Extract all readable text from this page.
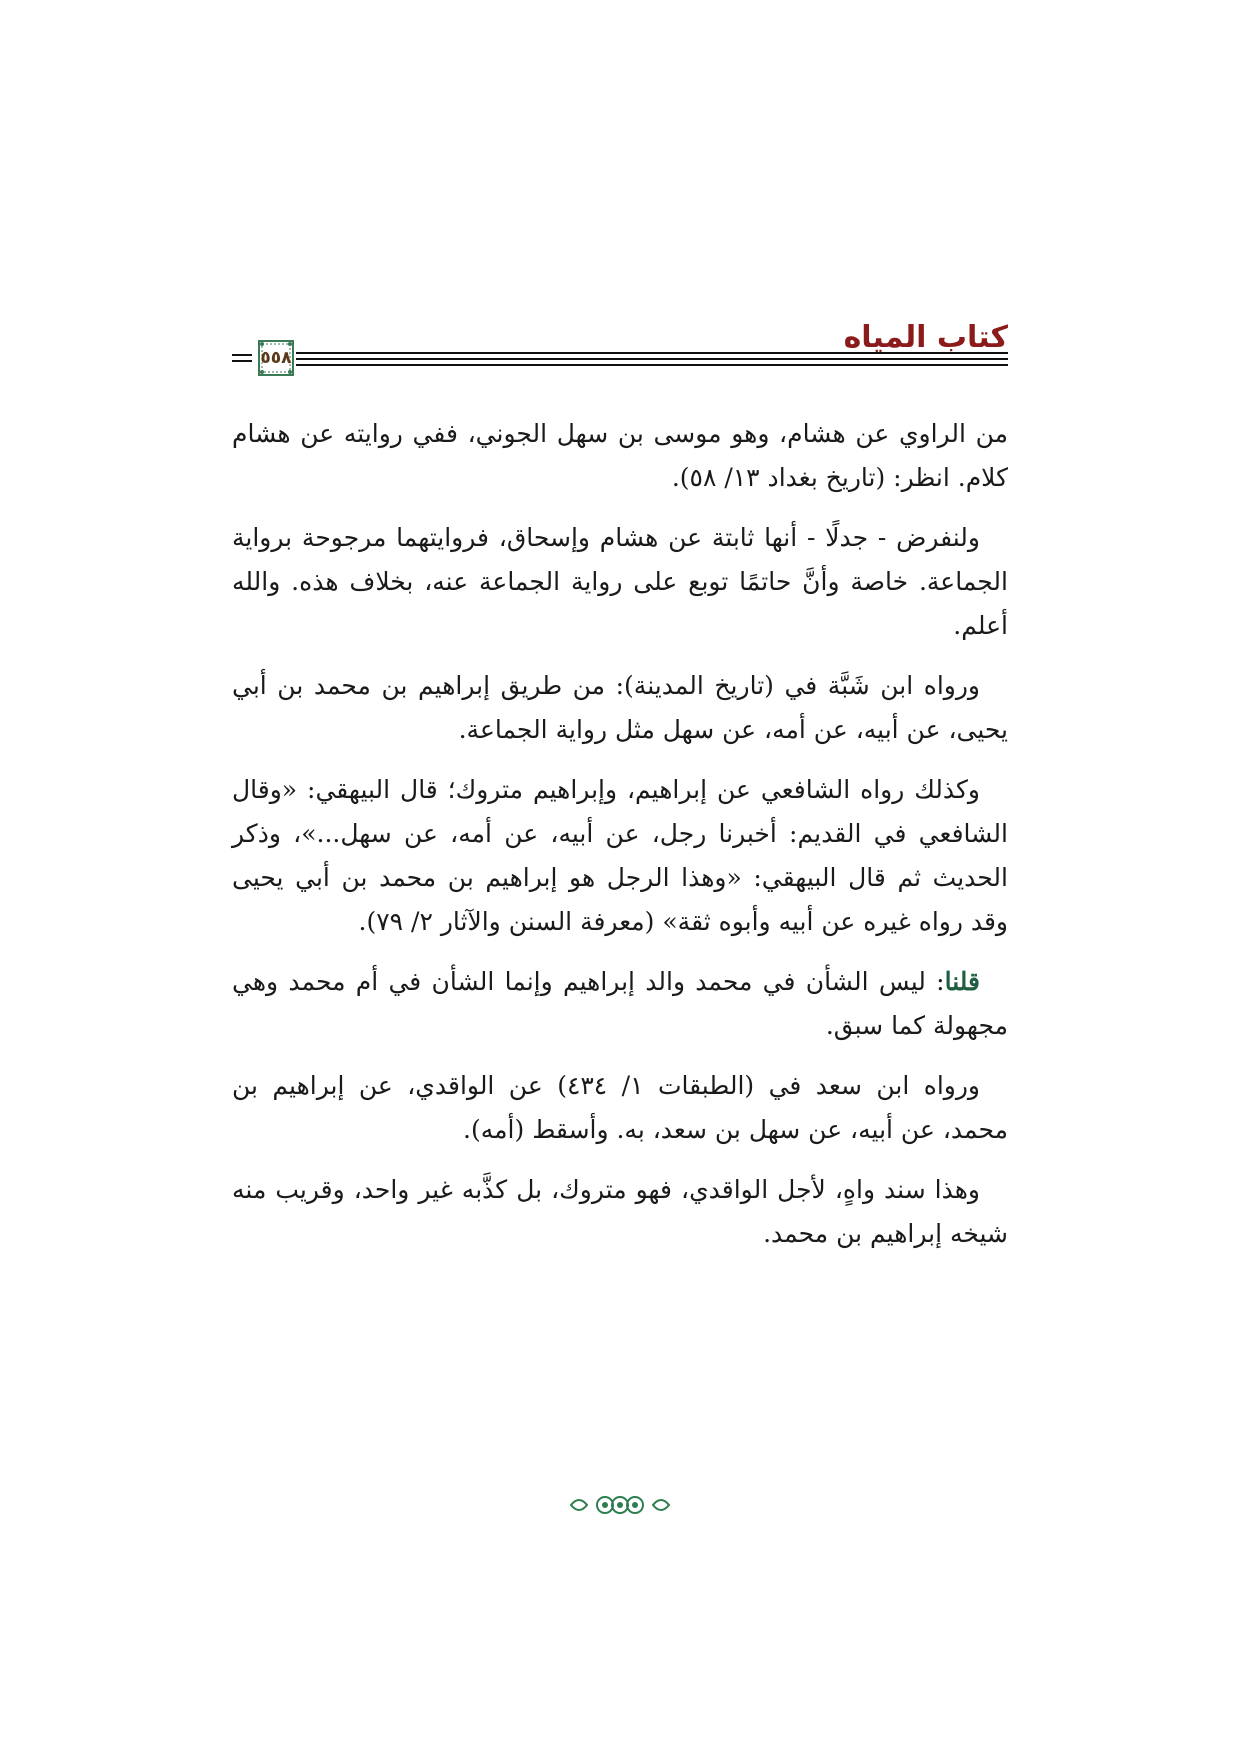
كتاب المياه
٥٥٨

من الراوي عن هشام، وهو موسى بن سهل الجوني، ففي روايته عن هشام كلام. انظر: (تاريخ بغداد ١٣/ ٥٨).

ولنفرض - جدلًا - أنها ثابتة عن هشام وإسحاق، فروايتهما مرجوحة برواية الجماعة. خاصة وأنَّ حاتمًا توبع على رواية الجماعة عنه، بخلاف هذه. والله أعلم.

ورواه ابن شَبَّة في (تاريخ المدينة): من طريق إبراهيم بن محمد بن أبي يحيى، عن أبيه، عن أمه، عن سهل مثل رواية الجماعة.

وكذلك رواه الشافعي عن إبراهيم، وإبراهيم متروك؛ قال البيهقي: «وقال الشافعي في القديم: أخبرنا رجل، عن أبيه، عن أمه، عن سهل...»، وذكر الحديث ثم قال البيهقي: «وهذا الرجل هو إبراهيم بن محمد بن أبي يحيى وقد رواه غيره عن أبيه وأبوه ثقة» (معرفة السنن والآثار ٢/ ٧٩).

قلنا: ليس الشأن في محمد والد إبراهيم وإنما الشأن في أم محمد وهي مجهولة كما سبق.

ورواه ابن سعد في (الطبقات ١/ ٤٣٤) عن الواقدي، عن إبراهيم بن محمد، عن أبيه، عن سهل بن سعد، به. وأسقط (أمه).

وهذا سند واهٍ، لأجل الواقدي، فهو متروك، بل كذَّبه غير واحد، وقريب منه شيخه إبراهيم بن محمد.
